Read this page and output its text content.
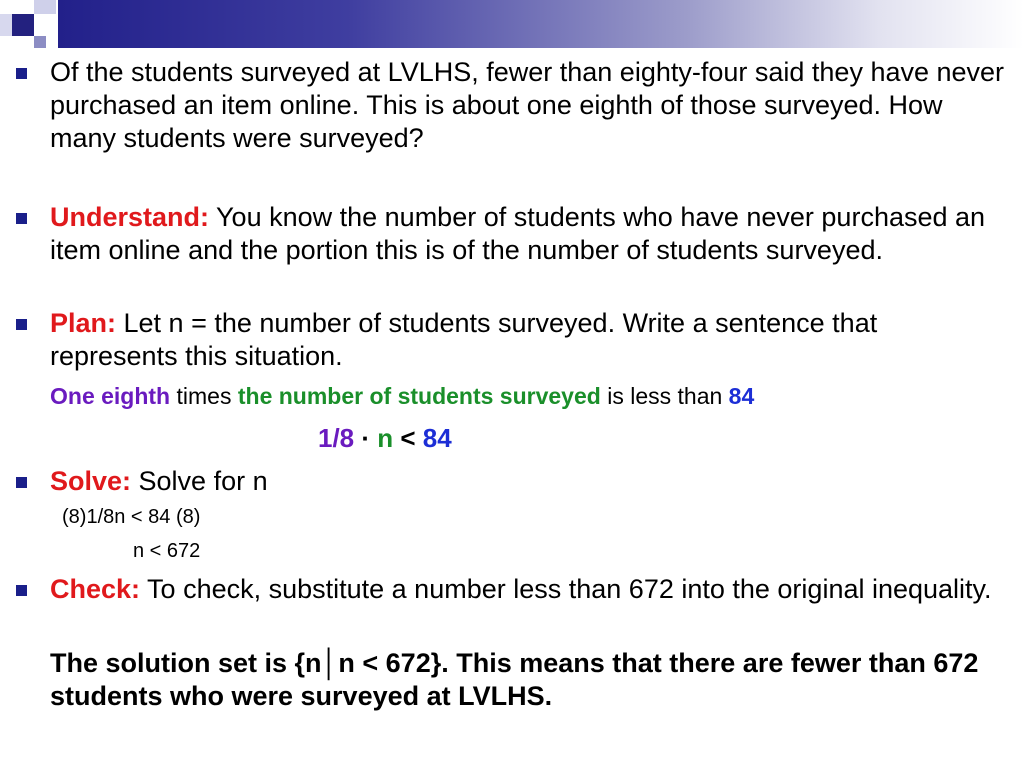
Of the students surveyed at LVLHS, fewer than eighty-four said they have never purchased an item online. This is about one eighth of those surveyed. How many students were surveyed?
Understand: You know the number of students who have never purchased an item online and the portion this is of the number of students surveyed.
Plan: Let n = the number of students surveyed. Write a sentence that represents this situation.
One eighth times the number of students surveyed is less than 84
1/8 · n < 84
Solve: Solve for n
(8)1/8n < 84 (8)
n < 672
Check: To check, substitute a number less than 672 into the original inequality.
The solution set is {n│n < 672}. This means that there are fewer than 672 students who were surveyed at LVLHS.
